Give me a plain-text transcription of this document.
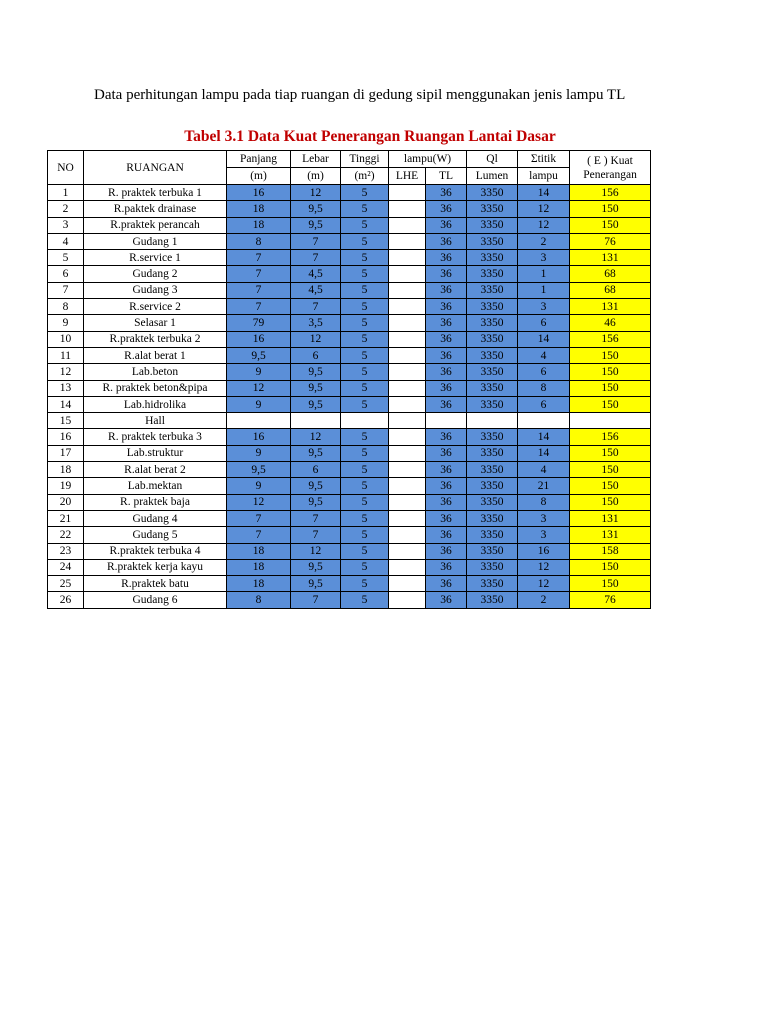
Data perhitungan lampu pada tiap ruangan di gedung sipil menggunakan jenis lampu TL
Tabel 3.1 Data Kuat Penerangan Ruangan Lantai Dasar
NO	RUANGAN	Panjang	Lebar	Tinggi	lampu(W)		Ql	Σtitik	( E ) Kuat
Penerangan

		(m)	(m)	(m²)	LHE	TL	Lumen	lampu	
1	R. praktek terbuka 1	16	12	5		36	3350	14	156
2	R.paktek drainase	18	9,5	5		36	3350	12	150
3	R.praktek perancah	18	9,5	5		36	3350	12	150
4	Gudang 1	8	7	5		36	3350	2	76
5	R.service 1	7	7	5		36	3350	3	131
6	Gudang 2	7	4,5	5		36	3350	1	68
7	Gudang 3	7	4,5	5		36	3350	1	68
8	R.service 2	7	7	5		36	3350	3	131
9	Selasar 1	79	3,5	5		36	3350	6	46
10	R.praktek terbuka 2	16	12	5		36	3350	14	156
11	R.alat berat 1	9,5	6	5		36	3350	4	150
12	Lab.beton	9	9,5	5		36	3350	6	150
13	R. praktek beton&pipa	12	9,5	5		36	3350	8	150
14	Lab.hidrolika	9	9,5	5		36	3350	6	150
15	Hall								
16	R. praktek terbuka 3	16	12	5		36	3350	14	156
17	Lab.struktur	9	9,5	5		36	3350	14	150
18	R.alat berat 2	9,5	6	5		36	3350	4	150
19	Lab.mektan	9	9,5	5		36	3350	21	150
20	R. praktek baja	12	9,5	5		36	3350	8	150
21	Gudang 4	7	7	5		36	3350	3	131
22	Gudang 5	7	7	5		36	3350	3	131
23	R.praktek terbuka 4	18	12	5		36	3350	16	158
24	R.praktek kerja kayu	18	9,5	5		36	3350	12	150
25	R.praktek batu	18	9,5	5		36	3350	12	150
26	Gudang 6	8	7	5		36	3350	2	76
